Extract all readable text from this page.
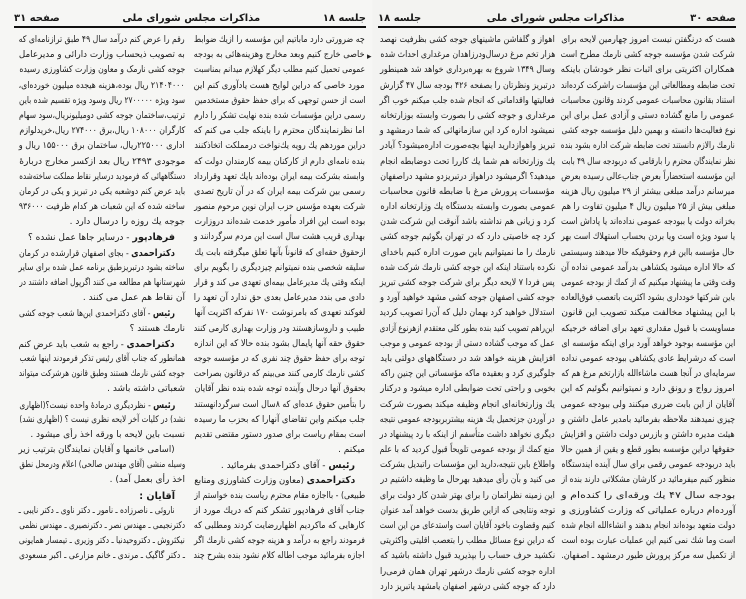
صفحه ۳۱	مذاکرات مجلس شورای ملی	جلسه ۱۸
رقم را عرض کنم درآمد سال ۴۹ طبق ترازنامه‌ای که
به تصویب ذیحساب وزارت دارائی و مدیرعامل
جوجه کشی نارمک و معاون وزارت کشاورزی رسیده
۲۱۴۰۴۰۰۰ ریال بوده،هزینه هیجده میلیون خورده‌ای،
سود ویژه ۲۷۰۰۰۰۰ ریال وسود ویژه تقسیم شده باین
ترتیب،ساختمان جوجه کشی دومیلیونریال،سود سهام
کارگران ۱۰۸۰۰۰ ریال،برق ۲۷۴۰۰۰ ریال،خریدلوازم
اداری ۲۲۵۰۰۰ریال، ساختمان برق ۱۵۵۰۰۰ ریال و
موجودی ۲۴۹۳ ریال بعد ازکسر مخارج دربارهٔ
دستگاههائی که فرمودید درسایر نقاط مملکت ساخته‌شده
باید عرض کنم دوشعبه یکی در تبریز و یکی در کرمان
ساخته شده که این شعبات هر کدام ظرفیت ۹۳۶۰۰۰
جوجه یك روزه را درسال دارد .
فرهادپور - درسایر جاها عمل نشده ؟
دکتراحمدی - بجای اصفهان قرارشده در کرمان
ساخته بشود درتبریزطبق برنامه عمل شده برای سایر
شهرستانها هم مطالعه می کنند اگرپول اضافه داشتند در
آن نقاط هم عمل می کنند .
رئیس - آقای دکتراحمدی این‌ها شعب جوجه کشی
نارمك هستند ؟
دکتراحمدی - راجع به شعب باید عرض کنم
همانطور که جناب آقای رئیس تذکر فرمودند اینها شعب
جوجه کشی نارمك هستند وطبق قانون هرشرکت میتواند
شعباتی داشته باشد .
رئیس - نظردیگری درمادهٔ واحده نیست؟(اظهاری
نشد) در کلیات آخر لایحه نظری نیست ؟ (اظهاری نشد)
نسبت باین لایحه با ورقه اخذ رأی میشود .
(اسامی خانمها و آقایان نمایندگان بترتیب زیر
وسیله منشی (آقای مهندس صالحی) اعلام ودرمحل نطق
اخذ رأی بعمل آمد) .
آقایان :
ناروئی ـ ناصرزاده ـ نامور ـ دکتر ناوی ـ دکتر نایبی ـ
دکترنجیمی ـ مهندس نصر ـ دکترنصیری ـ مهندس نظمی
نیکثروش ـ دکتروحیدنیا ـ دکتر وزیری ـ تیمسار همایونی
ـ دکتر گاگیک ـ مرندی ـ خانم مزارعی ـ اکبر مسعودی
چه ضرورتی دارد ماباتیم این مؤسسه را ازیك ضوابط
خاصی خارج کنیم وبعد مخارج وهزینه‌هائی به بودجه
عمومی تحمیل کنیم مطلب دیگر کهلازم میدانم بمناسبت
مورد خاصی که دراین لوایح هست یادآوری کنم این
است از حسن توجهی که برای حفظ حقوق مستخدمین
رسمی دراین مؤسسات شده بنده نهایت تشکر را دارم
اما نظرنمایندگان محترم را باینکه جلب می کنم که
دراین موردهم یك رویه یك‌نواخت درمملکت اتخاذکنند
بنده نامه‌ای دارم از کارکنان بیمه کارمندان دولت که
وابسته بشرکت بیمه ایران بوده‌اند بایك تعهد وقرارداد
رسمی بین شرکت بیمه ایران که در آن تاریخ تصدی
شرکت بعهده مؤسس حزب ایران نوین مرحوم منصور
بوده است این افراد مأمور خدمت شده‌اند دروزارت
بهداری قریب هشت سال است این مردم سرگردانند و
ازحقوق حقه‌ای که قانوناً بآنها تعلق میگرفته بابت یك
سلیقه شخصی بنده نمیتوانم چیزدیگری را بگویم برای
اینکه وقتی یك مدیرعامل بیمه‌ای تعهدی می کند و قرار
دادی می بندد مدیرعامل بعدی حق ندارد آن تعهد را
لغوکند تعهدی که بامرنوشت ۱۷۰ نفرکه اکثریت آنها
طبیب و داروسازهستند ودر وزارت بهداری کارمی کنند
حقوق حقه آنها پایمال بشود بنده حالا که این اندازه
توجه برای حفظ حقوق چند نفری که در مؤسسه جوجه
کشی نارمك کارمی کنند می‌بینم که درقانون بصراحت
بحقوق آنها درحال وآینده توجه شده بنده نظر آقایان
را بتأمین حقوق عده‌ای که ۸سال است سرگردانهستند
جلب میکنم واین تقاضای آنهارا که بحزب ما رسیده
است بمقام ریاست برای صدور دستور مقتضی تقدیم
میکنم .
رئیس - آقای دکتراحمدی بفرمائید .
دکتراحمدی (معاون وزارت کشاورزی ومنابع
طبیعی) - بااجازه مقام محترم ریاست بنده خواستم از
جناب آقای فرهادپور تشکر کنم که دریك مورد از
کارهایی که ماکردیم اظهاررضایت کردند ومطلبی که
فرمودند راجع به درآمد و هزینه جوجه کشی نارمك اگر
اجازه بفرمائید موجب اطاله کلام نشود بنده بشرح چند
جلسه ۱۸	مذاکرات مجلس شورای ملی	صفحه ۳۰
اهواز و گلفاشن ماشینهای جوجه کشی بظرفیت نهصد
هزار تخم مرغ درسال‌ودرزاهدان مرغداری احداث شده
وسال ۱۳۴۹ شروع به بهره‌برداری خواهد شد همینطور
درتبریز ونظرتان را بصفحه ۴۲۶ بودجه سال ۴۷ گزارش
فعالیتها واقداماتی که انجام شده جلب میکنم خوب اگر
مرغداری و جوجه کشی را بصورت وابسته بوزارتخانه
نمیشود اداره کرد این سازمانهائی که شما درمشهد و
تبریز واهوازدارید اینها بچه‌صورت اداره‌میشود؟ آیادر
یك وزارتخانه هم شما یك کاررا تحت دوضابطه انجام
میدهید؟ اگرمیشود دراهواز درتبریزدو مشهد دراصفهان
مؤسسات پرورش مرغ با ضابطه قانون محاسبات
عمومی بصورت وابسته بدستگاه یك وزارتخانه اداره
کرد و زیانی هم نداشته باشد آنوقت این شرکت شدن
کرد چه خاصیتی دارد که در تهران بگوئیم جوجه کشی
نارمك را ما نمیتوانیم باین صورت اداره کنیم باخدای
نکرده باستناد اینکه این جوجه کشی نارمك شرکت شده
پس فردا ۷ لایحه دیگر برای شرکت جوجه کشی تبریز
جوجه کشی اصفهان جوجه کشی مشهد خواهید آورد و
استدلال خواهید کرد بهمان دلیل که آن‌را تصویب کردید
این‌راهم تصویب کنید بنده بطور کلی معتقدم ازهرنوع آزادی
عمل که موجب گشاده دستی از بودجه عمومی و موجب
افزایش هزینه خواهد شد در دستگاههای دولتی باید
جلوگیری کرد و بعقیده ماکه مؤسساتی این چنین راکه
بخوبی و راحتی تحت ضوابطی اداره میشود و درکنار
یك وزارتخانه‌ای انجام وظیفه میکند بصورت شرکت
در آوردن جزتحمیل یك هزینه بیشتربربودجه عمومی نتیجه
دیگری نخواهد داشت متأسفم از اینکه با رد پیشنهاد در
منع کمك از بودجه عمومی تلویحاً قبول کردید که با علم
واطلاع باین نتیجه،دارید این مؤسسات راتبدیل بشرکت
می کنید و بآن رأی میدهید بهرحال ما وظیفه داشتیم در
این زمینه نظراتمان را برای بهتر شدن کار دولت برای
توجه ونتایجی که ازاین طریق بدست خواهد آمد عنوان
کنیم وقضاوت باخود آقایان است واستدعای من این است
که دراین نوع مسائل مطلب را بتعصب اقلیتی واکثریتی
نکشید حرف حساب را بپذیرید قبول داشته باشید که
اداره جوجه کشی نارمك درشهر تهران همان فرمی‌را
دارد که جوجه کشی درشهر اصفهان یامشهد یاتبریز دارد
هست که درنگفتن نیست امروز چهارمین لایحه برای
شرکت شدن مؤسسه جوجه کشی نارمك مطرح است
همکاران اکثریتی برای اثبات نظر خودشان باینکه
تحت ضابطه ومطالعاتی این مؤسسات راشرکت کرده‌اند
استناد بقانون محاسبات عمومی کردند وقانون محاسبات
عمومی را مانع گشاده دستی و آزادی عمل برای این
نوع فعالیت‌ها دانسته و بهمین دلیل مؤسسه جوجه کشی
نارمك رالازم دانستند تحت ضابطه شرکت اداره بشود بنده
نظر نمایندگان محترم را بارقامی که دربودجه سال ۴۹ بابت
این مؤسسه استحضاراً بعرض جناب‌عالی رسیده بعرض
میرسانم درآمد مبلغی بیشتر از ۲۹ میلیون ریال هزینه
مبلغی بیش از ۲۵ میلیون ریال ۴ میلیون تفاوت را هم
بخزانه دولت یا ببودجه عمومی نداده‌اند یا پاداش است
یا سود ویژه است ویا بردن بحساب استهلاك است بهر
حال مؤسسه بااین فرم وحقوقیکه حالا میدهند وسیستمی
که حالا اداره میشود یکشاهی بدرآمد عمومی نداده آن
وقت وقتی ما پیشنهاد میکنیم که از کمك از بودجه عمومی
باین شرکتها خودداری بشود اکثریت باتعصب فوق‌العاده
با این پیشنهاد مخالفت میکند تصویب این قانون
مساویست با قبول مقداری تعهد برای اضافه خرجیکه
این مؤسسه بوجود خواهد آورد برای اینکه مؤسسه ای
است که درشرایط عادی یکشاهی ببودجه عمومی نداده
سرمایه‌ای در آنجا هست ماشاءالله بازارتخم مرغ هم که
امروز رواج و رونق دارد و نمیتوانیم بگوئیم که این
آقایان از این بابت ضرری میکنند ولی ببودجه عمومی
چیزی نمیدهند ملاحظه بفرمائید بامدیر عامل داشتن و
هیئت مدیره داشتن و بازرس دولت داشتن و افزایش
حقوقها دراین مؤسسه بطور قطع و یقین از همین حالا
باید دربودجه عمومی رقمی برای سال آینده ایندستگاه
منظور کنیم میفرمائید در کارشان مشکلاتی دارند بنده از
بودجه سال ۴۷ یك ورقه‌ای را کنده‌ام و
آورده‌ام درباره عملیاتی که وزارت کشاورزی و
دولت متعهد بوده‌اند انجام بدهند و انشاءالله انجام شده
است وما شك نمی کنیم این عملیات عبارت بوده است
از تکمیل سه مرکز پرورش طیور درمشهد ـ اصفهان.
▸
